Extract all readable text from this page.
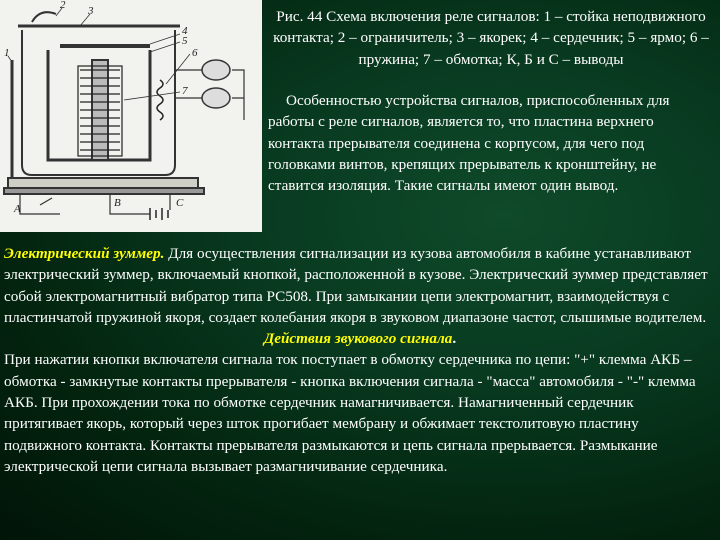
1
2 3
4
5
6
7
A	B	C
Рис. 44 Схема включения реле сигналов: 1 – стойка неподвижного контакта; 2 – ограничитель; 3 – якорек; 4 – сердечник; 5 – ярмо; 6 – пружина; 7 – обмотка; К, Б и С – выводы
Особенностью устройства сигналов, приспособленных для работы с реле сигналов, является то, что пластина верхнего контакта прерывателя соединена с корпусом, для чего под головками винтов, крепящих прерыватель к кронштейну, не ставится изоляция. Такие сигналы имеют один вывод.

Электрический зуммер. Для осуществления сигнализации из кузова автомобиля в кабине устанавливают электрический зуммер, включаемый кнопкой, расположенной в кузове. Электрический зуммер представляет собой электромагнитный вибратор типа РС508. При замыкании цепи электромагнит, взаимодействуя с пластинчатой пружиной якоря, создает колебания якоря в звуковом диапазоне частот, слышимые водителем.

Действия звукового сигнала.

При нажатии кнопки включателя сигнала ток поступает в обмотку сердечника по цепи: "+" клемма АКБ – обмотка - замкнутые контакты прерывателя - кнопка включения сигнала - "масса" автомобиля - "-" клемма АКБ. При прохождении тока по обмотке сердечник намагничивается. Намагниченный сердечник притягивает якорь, который через шток прогибает мембрану и обжимает текстолитовую пластину подвижного контакта. Контакты прерывателя размыкаются и цепь сигнала прерывается. Размыкание электрической цепи сигнала вызывает размагничивание сердечника.
